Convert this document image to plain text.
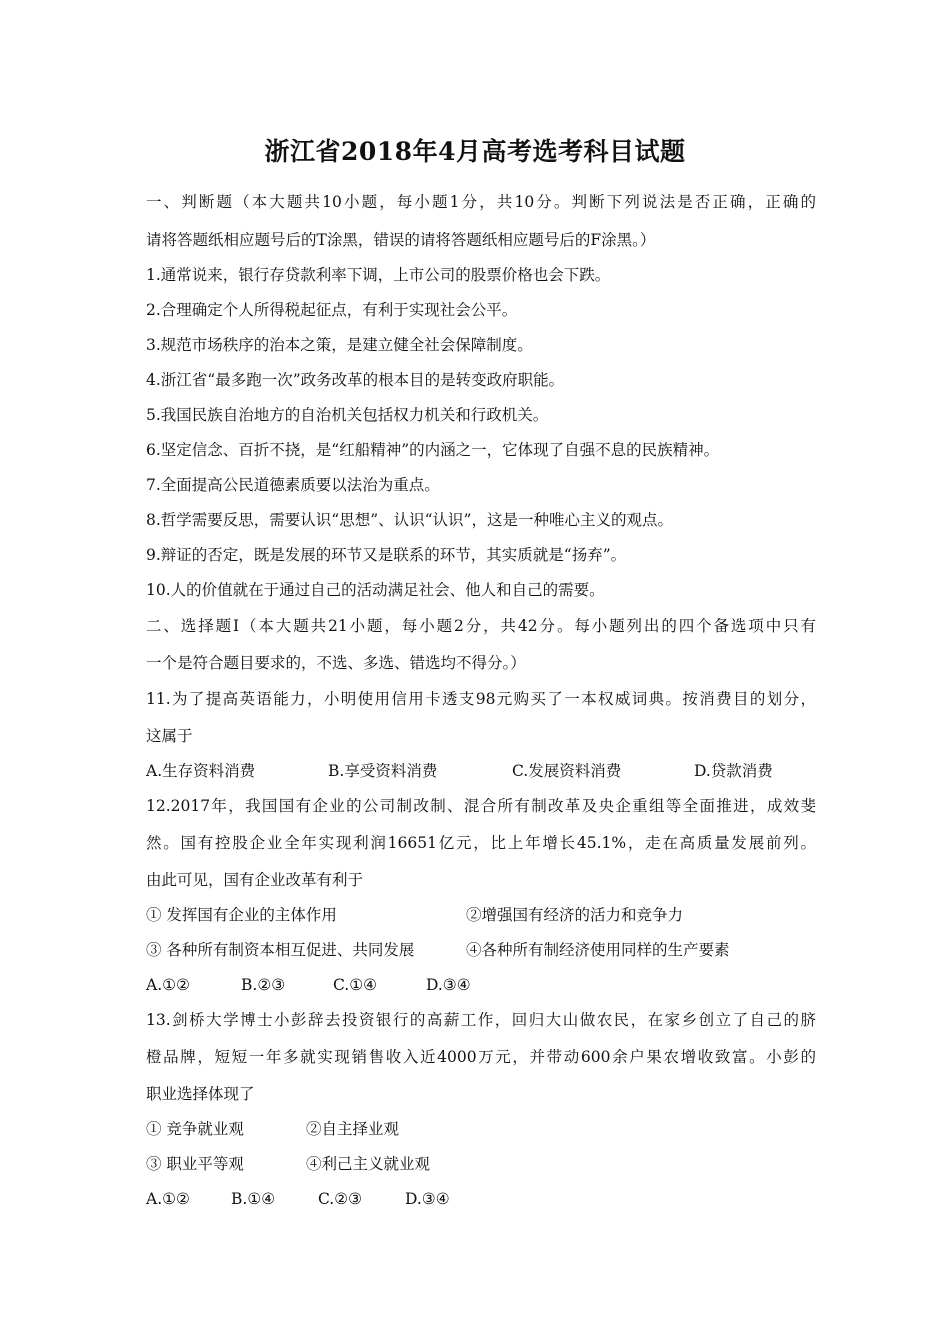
浙江省2018年4月高考选考科目试题
一、判断题（本大题共10小题，每小题1分，共10分。判断下列说法是否正确，正确的
请将答题纸相应题号后的T涂黑，错误的请将答题纸相应题号后的F涂黑。）
1.通常说来，银行存贷款利率下调，上市公司的股票价格也会下跌。
2.合理确定个人所得税起征点，有利于实现社会公平。
3.规范市场秩序的治本之策，是建立健全社会保障制度。
4.浙江省“最多跑一次”政务改革的根本目的是转变政府职能。
5.我国民族自治地方的自治机关包括权力机关和行政机关。
6.坚定信念、百折不挠，是“红船精神”的内涵之一，它体现了自强不息的民族精神。
7.全面提高公民道德素质要以法治为重点。
8.哲学需要反思，需要认识“思想”、认识“认识”，这是一种唯心主义的观点。
9.辩证的否定，既是发展的环节又是联系的环节，其实质就是“扬弃”。
10.人的价值就在于通过自己的活动满足社会、他人和自己的需要。
二、选择题Ⅰ（本大题共21小题，每小题2分，共42分。每小题列出的四个备选项中只有
一个是符合题目要求的，不选、多选、错选均不得分。）
11.为了提高英语能力，小明使用信用卡透支98元购买了一本权威词典。按消费目的划分，
这属于
A.生存资料消费	B.享受资料消费	C.发展资料消费	D.贷款消费
12.2017年，我国国有企业的公司制改制、混合所有制改革及央企重组等全面推进，成效斐
然。国有控股企业全年实现利润16651亿元，比上年增长45.1%，走在高质量发展前列。
由此可见，国有企业改革有利于
① 发挥国有企业的主体作用	②增强国有经济的活力和竞争力
③ 各种所有制资本相互促进、共同发展	④各种所有制经济使用同样的生产要素
A.①②	B.②③	C.①④	D.③④
13.剑桥大学博士小彭辞去投资银行的高薪工作，回归大山做农民，在家乡创立了自己的脐
橙品牌，短短一年多就实现销售收入近4000万元，并带动600余户果农增收致富。小彭的
职业选择体现了
① 竞争就业观	②自主择业观
③ 职业平等观	④利己主义就业观
A.①②	B.①④	C.②③	D.③④
